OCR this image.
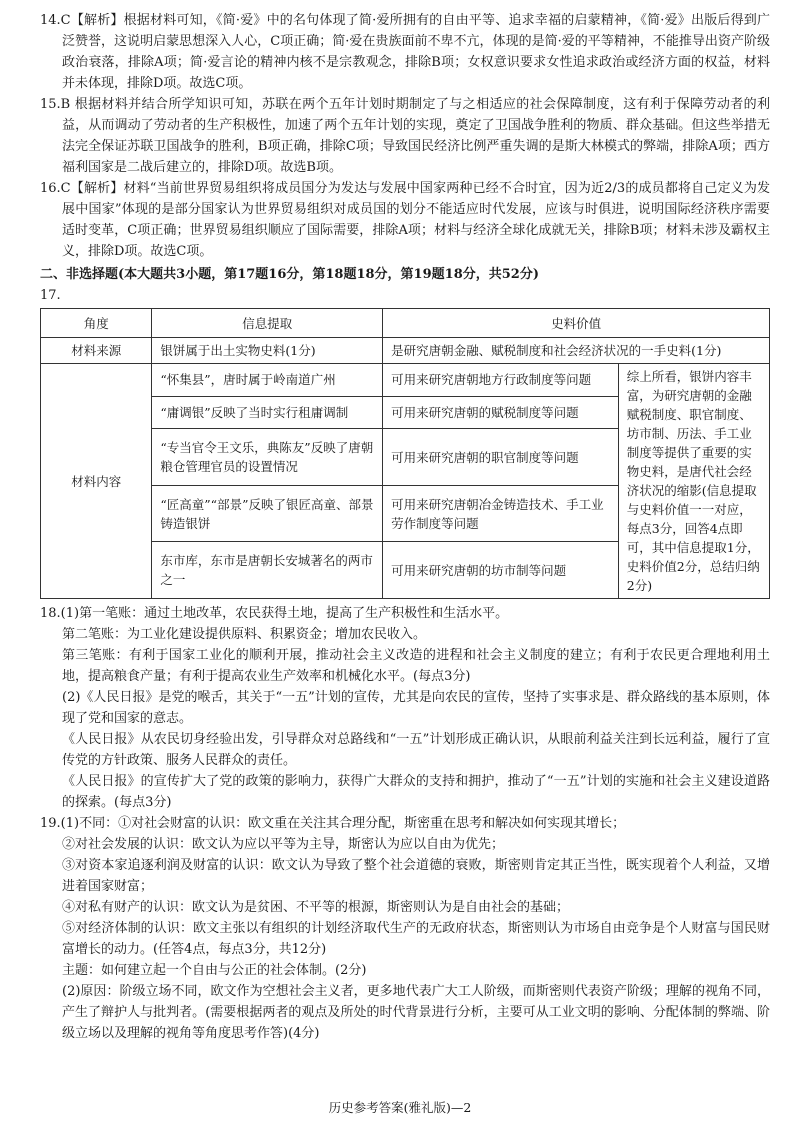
14.C【解析】根据材料可知，《简·爱》中的名句体现了简·爱所拥有的自由平等、追求幸福的启蒙精神，《简·爱》出版后得到广泛赞誉，这说明启蒙思想深入人心，C项正确；简·爱在贵族面前不卑不亢，体现的是简·爱的平等精神，不能推导出资产阶级政治衰落，排除A项；简·爱言论的精神内核不是宗教观念，排除B项；女权意识要求女性追求政治或经济方面的权益，材料并未体现，排除D项。故选C项。

15.B 根据材料并结合所学知识可知，苏联在两个五年计划时期制定了与之相适应的社会保障制度，这有利于保障劳动者的利益，从而调动了劳动者的生产积极性，加速了两个五年计划的实现，奠定了卫国战争胜利的物质、群众基础。但这些举措无法完全保证苏联卫国战争的胜利，B项正确，排除C项；导致国民经济比例严重失调的是斯大林模式的弊端，排除A项；西方福利国家是二战后建立的，排除D项。故选B项。

16.C【解析】材料“当前世界贸易组织将成员国分为发达与发展中国家两种已经不合时宜，因为近2/3的成员都将自己定义为发展中国家”体现的是部分国家认为世界贸易组织对成员国的划分不能适应时代发展，应该与时俱进，说明国际经济秩序需要适时变革，C项正确；世界贸易组织顺应了国际需要，排除A项；材料与经济全球化成就无关，排除B项；材料未涉及霸权主义，排除D项。故选C项。

二、非选择题(本大题共3小题，第17题16分，第18题18分，第19题18分，共52分)

17.

角度	信息提取	史料价值	
材料来源	银饼属于出土实物史料(1分)	是研究唐朝金融、赋税制度和社会经济状况的一手史料(1分)	
材料内容	“怀集县”，唐时属于岭南道广州	可用来研究唐朝地方行政制度等问题	综上所看，银饼内容丰富，为研究唐朝的金融赋税制度、职官制度、坊市制、历法、手工业制度等提供了重要的实物史料，是唐代社会经济状况的缩影(信息提取与史料价值一一对应，每点3分，回答4点即可，其中信息提取1分，史料价值2分，总结归纳2分)
	“庸调银”反映了当时实行租庸调制	可用来研究唐朝的赋税制度等问题	
	“专当官令王文乐，典陈友”反映了唐朝粮仓管理官员的设置情况	可用来研究唐朝的职官制度等问题	
	“匠高童”“部景”反映了银匠高童、部景铸造银饼	可用来研究唐朝冶金铸造技术、手工业劳作制度等问题	
	东市库，东市是唐朝长安城著名的两市之一	可用来研究唐朝的坊市制等问题	

18.(1)第一笔账：通过土地改革，农民获得土地，提高了生产积极性和生活水平。

第二笔账：为工业化建设提供原料、积累资金；增加农民收入。

第三笔账：有利于国家工业化的顺利开展，推动社会主义改造的进程和社会主义制度的建立；有利于农民更合理地利用土地，提高粮食产量；有利于提高农业生产效率和机械化水平。(每点3分)

(2)《人民日报》是党的喉舌，其关于“一五”计划的宣传，尤其是向农民的宣传，坚持了实事求是、群众路线的基本原则，体现了党和国家的意志。

《人民日报》从农民切身经验出发，引导群众对总路线和“一五”计划形成正确认识，从眼前利益关注到长远利益，履行了宣传党的方针政策、服务人民群众的责任。

《人民日报》的宣传扩大了党的政策的影响力，获得广大群众的支持和拥护，推动了“一五”计划的实施和社会主义建设道路的探索。(每点3分)

19.(1)不同：①对社会财富的认识：欧文重在关注其合理分配，斯密重在思考和解决如何实现其增长；

②对社会发展的认识：欧文认为应以平等为主导，斯密认为应以自由为优先；

③对资本家追逐利润及财富的认识：欧文认为导致了整个社会道德的衰败，斯密则肯定其正当性，既实现着个人利益，又增进着国家财富；

④对私有财产的认识：欧文认为是贫困、不平等的根源，斯密则认为是自由社会的基础；

⑤对经济体制的认识：欧文主张以有组织的计划经济取代生产的无政府状态，斯密则认为市场自由竞争是个人财富与国民财富增长的动力。(任答4点，每点3分，共12分)

主题：如何建立起一个自由与公正的社会体制。(2分)

(2)原因：阶级立场不同，欧文作为空想社会主义者，更多地代表广大工人阶级，而斯密则代表资产阶级；理解的视角不同，产生了辩护人与批判者。(需要根据两者的观点及所处的时代背景进行分析，主要可从工业文明的影响、分配体制的弊端、阶级立场以及理解的视角等角度思考作答)(4分)

历史参考答案(雅礼版)—2
